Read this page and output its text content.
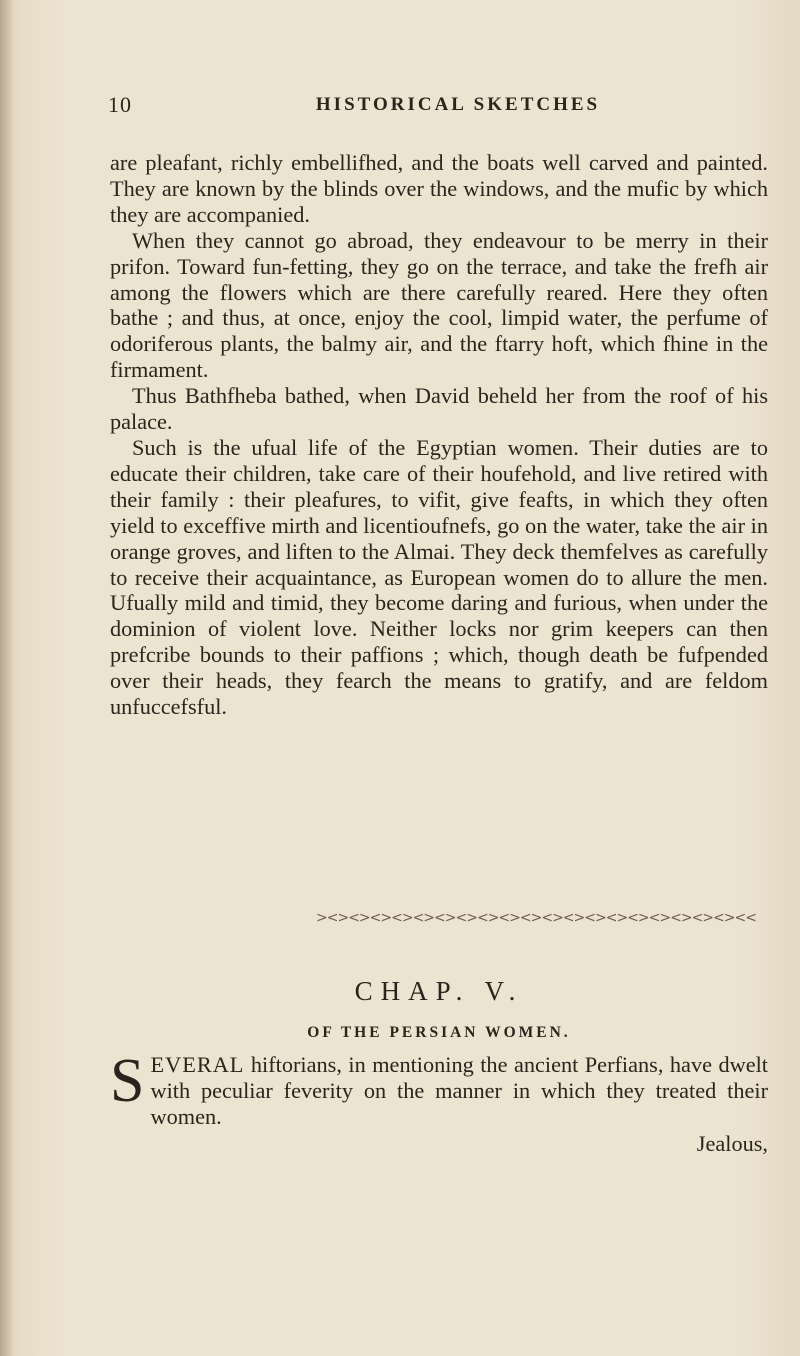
10	HISTORICAL SKETCHES

are pleafant, richly embellifhed, and the boats well carved and painted. They are known by the blinds over the windows, and the mufic by which they are accompanied.

When they cannot go abroad, they endeavour to be merry in their prifon. Toward fun-fetting, they go on the terrace, and take the frefh air among the flowers which are there carefully reared. Here they often bathe ; and thus, at once, enjoy the cool, limpid water, the perfume of odoriferous plants, the balmy air, and the ftarry hoft, which fhine in the firmament.

Thus Bathfheba bathed, when David beheld her from the roof of his palace.

Such is the ufual life of the Egyptian women. Their duties are to educate their children, take care of their houfehold, and live retired with their family : their pleafures, to vifit, give feafts, in which they often yield to exceffive mirth and licentioufnefs, go on the water, take the air in orange groves, and liften to the Almai. They deck themfelves as carefully to receive their acquaintance, as European women do to allure the men. Ufually mild and timid, they become daring and furious, when under the dominion of violent love. Neither locks nor grim keepers can then prefcribe bounds to their paffions ; which, though death be fufpended over their heads, they fearch the means to gratify, and are feldom unfuccefsful.

><><><><><><><><><><><><><><><><><><><><<
CHAP. V.
OF THE PERSIAN WOMEN.
SEVERAL hiftorians, in mentioning the ancient Perfians, have dwelt with peculiar feverity on the manner in which they treated their women.
Jealous,
